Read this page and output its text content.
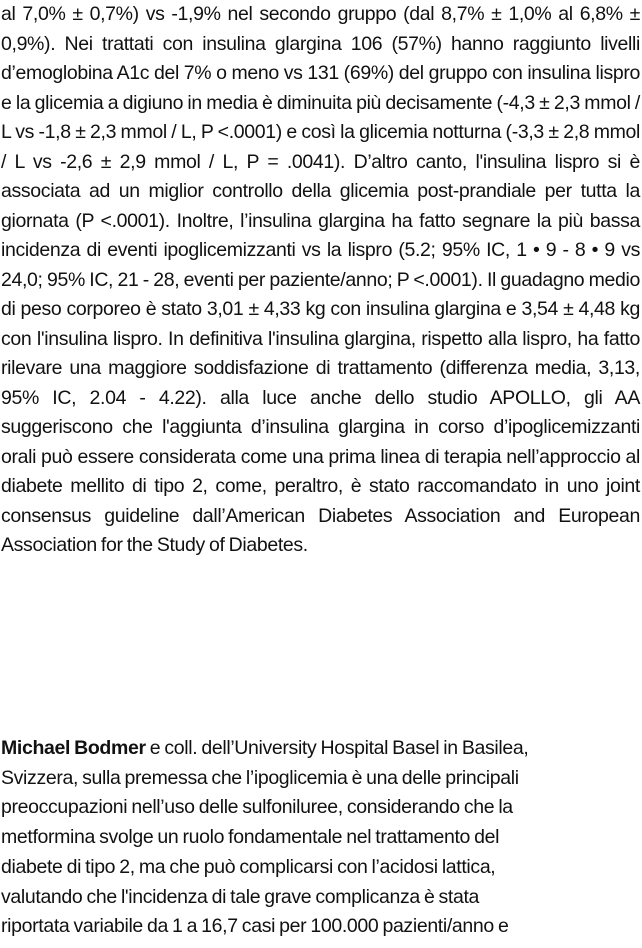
al 7,0% ± 0,7%) vs -1,9% nel secondo gruppo (dal 8,7% ± 1,0% al 6,8% ± 0,9%). Nei trattati con insulina glargina 106 (57%) hanno raggiunto livelli d’emoglobina A1c del 7% o meno vs 131 (69%) del gruppo con insulina lispro e la glicemia a digiuno in media è diminuita più decisamente (-4,3 ± 2,3 mmol / L vs -1,8 ± 2,3 mmol / L, P <.0001) e così la glicemia notturna (-3,3 ± 2,8 mmol / L vs -2,6 ± 2,9 mmol / L, P = .0041). D’altro canto, l'insulina lispro si è associata ad un miglior controllo della glicemia post-prandiale per tutta la giornata (P <.0001). Inoltre, l’insulina glargina ha fatto segnare la più bassa incidenza di eventi ipoglicemizzanti vs la lispro (5.2; 95% IC, 1 • 9 - 8 • 9 vs 24,0; 95% IC, 21 - 28, eventi per paziente/anno; P <.0001). Il guadagno medio di peso corporeo è stato 3,01 ± 4,33 kg con insulina glargina e 3,54 ± 4,48 kg con l'insulina lispro. In definitiva l'insulina glargina, rispetto alla lispro, ha fatto rilevare una maggiore soddisfazione di trattamento (differenza media, 3,13, 95% IC, 2.04 - 4.22). alla luce anche dello studio APOLLO, gli AA suggeriscono che l'aggiunta d’insulina glargina in corso d’ipoglicemizzanti orali può essere considerata come una prima linea di terapia nell’approccio al diabete mellito di tipo 2, come, peraltro, è stato raccomandato in uno joint consensus guideline dall’American Diabetes Association and European Association for the Study of Diabetes.
Michael Bodmer e coll. dell’University Hospital Basel in Basilea,
Svizzera, sulla premessa che l’ipoglicemia è una delle principali
preoccupazioni nell’uso delle sulfoniluree, considerando che la
metformina svolge un ruolo fondamentale nel trattamento del
diabete di tipo 2, ma che può complicarsi con l’acidosi lattica,
valutando che l'incidenza di tale grave complicanza è stata
riportata variabile da 1 a 16,7 casi per 100.000 pazienti/anno e
